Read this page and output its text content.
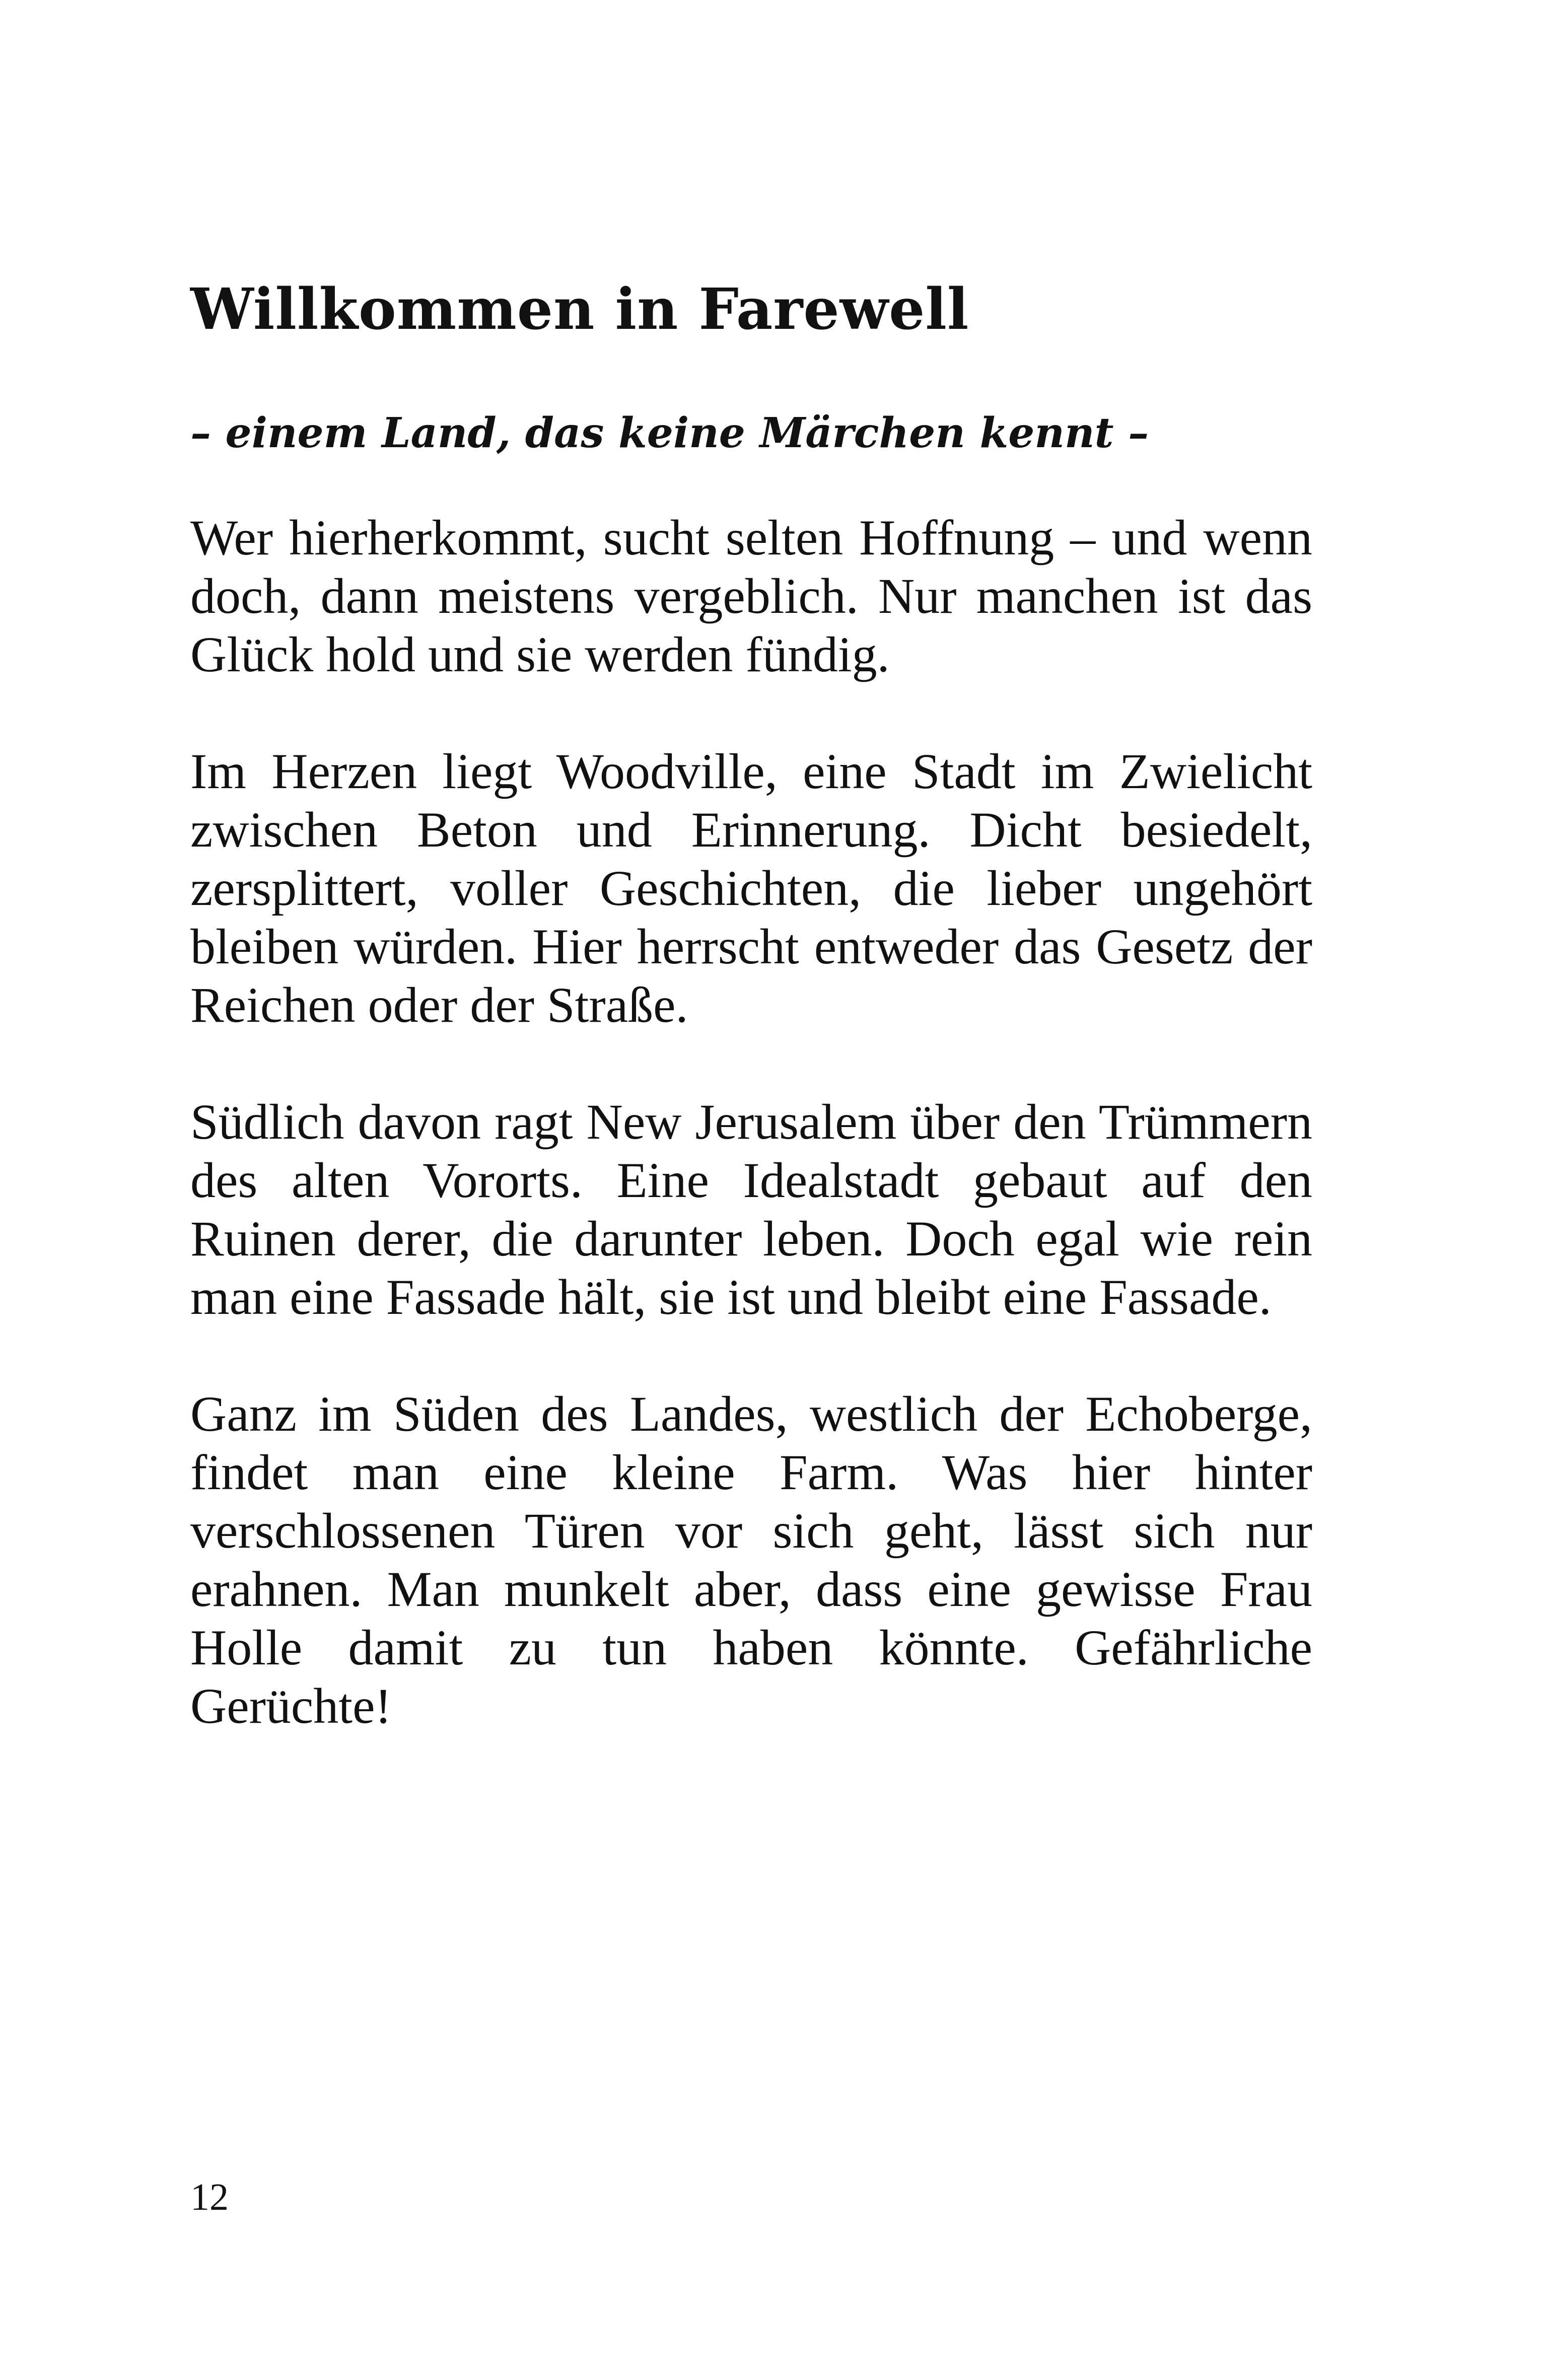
Willkommen in Farewell
– einem Land, das keine Märchen kennt –

Wer hierherkommt, sucht selten Hoffnung – und wenn doch, dann meistens vergeblich. Nur manchen ist das Glück hold und sie werden fündig.

Im Herzen liegt Woodville, eine Stadt im Zwielicht zwischen Beton und Erinnerung. Dicht besiedelt, zersplittert, voller Geschichten, die lieber ungehört bleiben würden. Hier herrscht entweder das Gesetz der Reichen oder der Straße.

Südlich davon ragt New Jerusalem über den Trümmern des alten Vororts. Eine Idealstadt gebaut auf den Ruinen derer, die darunter leben. Doch egal wie rein man eine Fassade hält, sie ist und bleibt eine Fassade.

Ganz im Süden des Landes, westlich der Echoberge, findet man eine kleine Farm. Was hier hinter verschlossenen Türen vor sich geht, lässt sich nur erahnen. Man munkelt aber, dass eine gewisse Frau Holle damit zu tun haben könnte. Gefährliche Gerüchte!

12
